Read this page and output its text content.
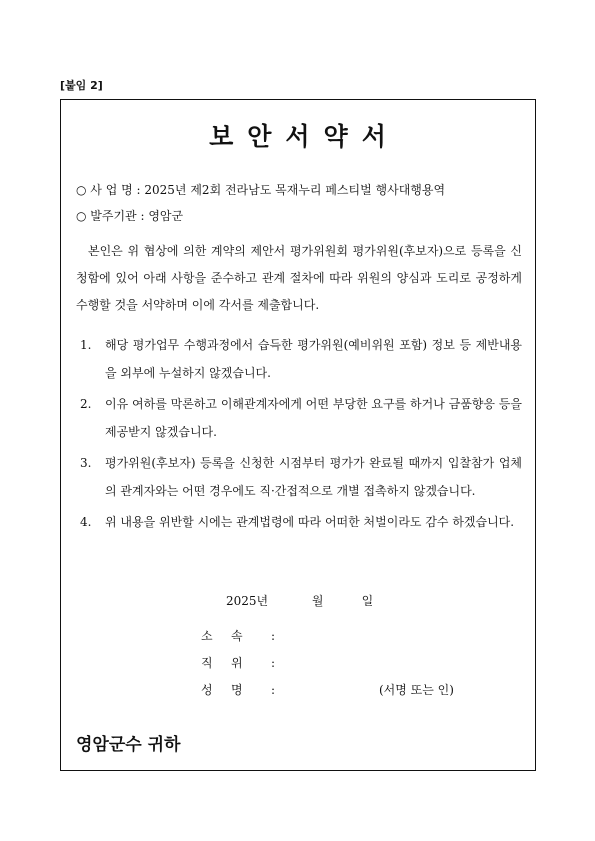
[붙임 2]
보안서약서
○ 사 업 명 : 2025년 제2회 전라남도 목재누리 페스티벌 행사대행용역
○ 발주기관 : 영암군
본인은 위 협상에 의한 계약의 제안서 평가위원회 평가위원(후보자)으로 등록을 신청함에 있어 아래 사항을 준수하고 관계 절차에 따라 위원의 양심과 도리로 공정하게 수행할 것을 서약하며 이에 각서를 제출합니다.
1.	해당 평가업무 수행과정에서 습득한 평가위원(예비위원 포함) 정보 등 제반내용을 외부에 누설하지 않겠습니다.
2.	이유 여하를 막론하고 이해관계자에게 어떤 부당한 요구를 하거나 금품향응 등을 제공받지 않겠습니다.
3.	평가위원(후보자) 등록을 신청한 시점부터 평가가 완료될 때까지 입찰참가 업체의 관계자와는 어떤 경우에도 직·간접적으로 개별 접촉하지 않겠습니다.
4.	위 내용을 위반할 시에는 관계법령에 따라 어떠한 처벌이라도 감수 하겠습니다.
2025년	월	일
소 속 :
직 위 :
성 명 :	(서명 또는 인)
영암군수 귀하
